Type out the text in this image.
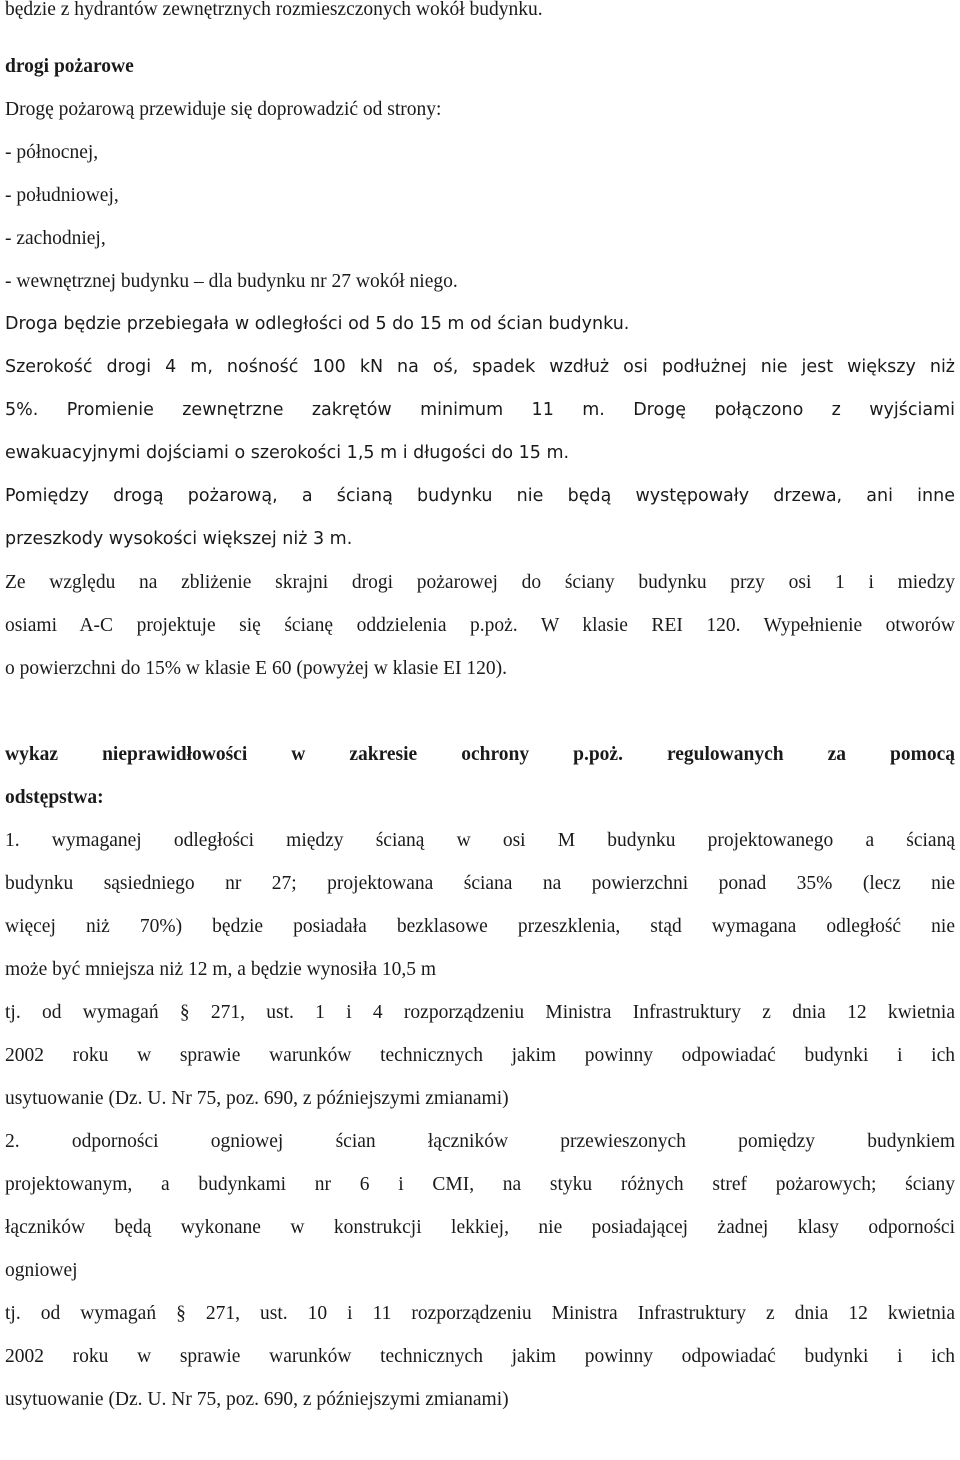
będzie z hydrantów zewnętrznych rozmieszczonych wokół budynku.

drogi pożarowe

Drogę pożarową przewiduje się doprowadzić od strony:

- północnej,

- południowej,

- zachodniej,

- wewnętrznej budynku – dla budynku nr 27 wokół niego.

Droga będzie przebiegała w odległości od 5 do 15 m od ścian budynku.

Szerokość drogi 4 m, nośność 100 kN na oś, spadek wzdłuż osi podłużnej nie jest większy niż

5%. Promienie zewnętrzne zakrętów minimum 11 m. Drogę połączono z wyjściami

ewakuacyjnymi dojściami o szerokości 1,5 m i długości do 15 m.

Pomiędzy drogą pożarową, a ścianą budynku nie będą występowały drzewa, ani inne

przeszkody wysokości większej niż 3 m.

Ze względu na zbliżenie skrajni drogi pożarowej do ściany budynku przy osi 1 i miedzy

osiami A-C projektuje się ścianę oddzielenia p.poż. W klasie REI 120. Wypełnienie otworów

o powierzchni do 15% w klasie E 60 (powyżej w klasie EI 120).

wykaz nieprawidłowości w zakresie ochrony p.poż. regulowanych za pomocą

odstępstwa:

1. wymaganej odległości między ścianą w osi M budynku projektowanego a ścianą

budynku sąsiedniego nr 27; projektowana ściana na powierzchni ponad 35% (lecz nie

więcej niż 70%) będzie posiadała bezklasowe przeszklenia, stąd wymagana odległość nie

może być mniejsza niż 12 m, a będzie wynosiła 10,5 m

tj. od wymagań § 271, ust. 1 i 4 rozporządzeniu Ministra Infrastruktury z dnia 12 kwietnia

2002 roku w sprawie warunków technicznych jakim powinny odpowiadać budynki i ich

usytuowanie (Dz. U. Nr 75, poz. 690, z późniejszymi zmianami)

2. odporności ogniowej ścian łączników przewieszonych pomiędzy budynkiem

projektowanym, a budynkami nr 6 i CMI, na styku różnych stref pożarowych; ściany

łączników będą wykonane w konstrukcji lekkiej, nie posiadającej żadnej klasy odporności

ogniowej

tj. od wymagań § 271, ust. 10 i 11 rozporządzeniu Ministra Infrastruktury z dnia 12 kwietnia

2002 roku w sprawie warunków technicznych jakim powinny odpowiadać budynki i ich

usytuowanie (Dz. U. Nr 75, poz. 690, z późniejszymi zmianami)
